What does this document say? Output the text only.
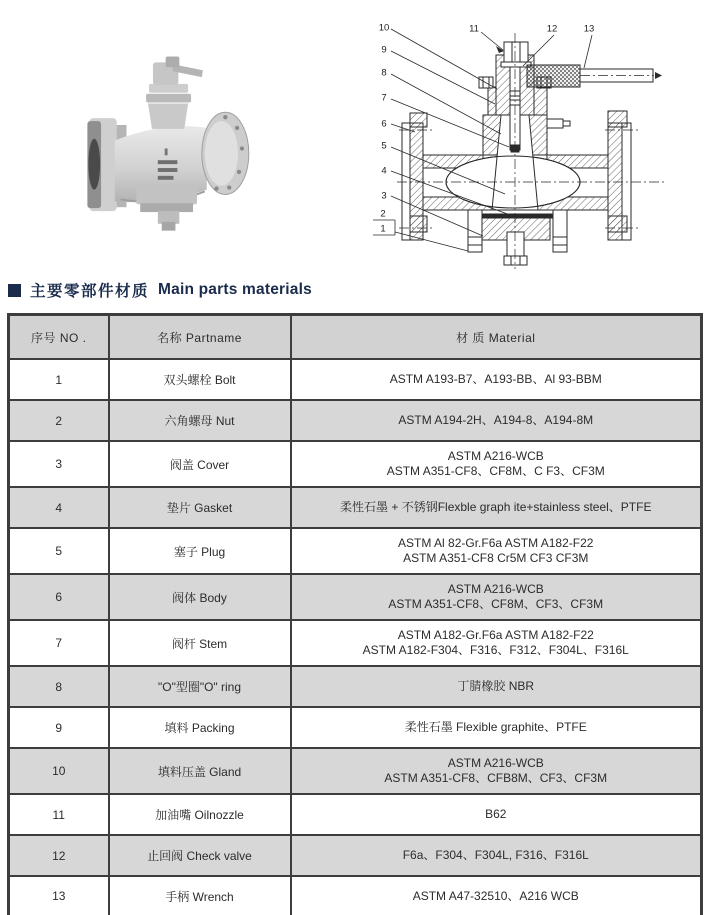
1
2
3
4
5
6
7
8
9
10	11	12	13
主要零部件材质 Main parts materials
序号 NO .	名称 Partname	材 质 Material
1	双头螺栓 Bolt	ASTM A193-B7、A193-BB、Al 93-BBM

2	六角螺母 Nut	ASTM A194-2H、A194-8、A194-8M

3	阀盖 Cover	ASTM A216-WCB
ASTM A351-CF8、CF8M、C F3、CF3M

4	垫片 Gasket	柔性石墨 + 不锈钢Flexble graph ite+stainless steel、PTFE

5	塞子 Plug	ASTM Al 82-Gr.F6a ASTM A182-F22
ASTM A351-CF8 Cr5M CF3 CF3M

6	阀体 Body	ASTM A216-WCB
ASTM A351-CF8、CF8M、CF3、CF3M

7	阀杆 Stem	ASTM A182-Gr.F6a ASTM A182-F22
ASTM A182-F304、F316、F312、F304L、F316L

8	"O"型圈"O" ring	丁腈橡胶 NBR

9	填料 Packing	柔性石墨 Flexible graphite、PTFE

10	填料压盖 Gland	ASTM A216-WCB
ASTM A351-CF8、CFB8M、CF3、CF3M

11	加油嘴 Oilnozzle	B62

12	止回阀 Check valve	F6a、F304、F304L, F316、F316L

13	手柄 Wrench	ASTM A47-32510、A216 WCB
